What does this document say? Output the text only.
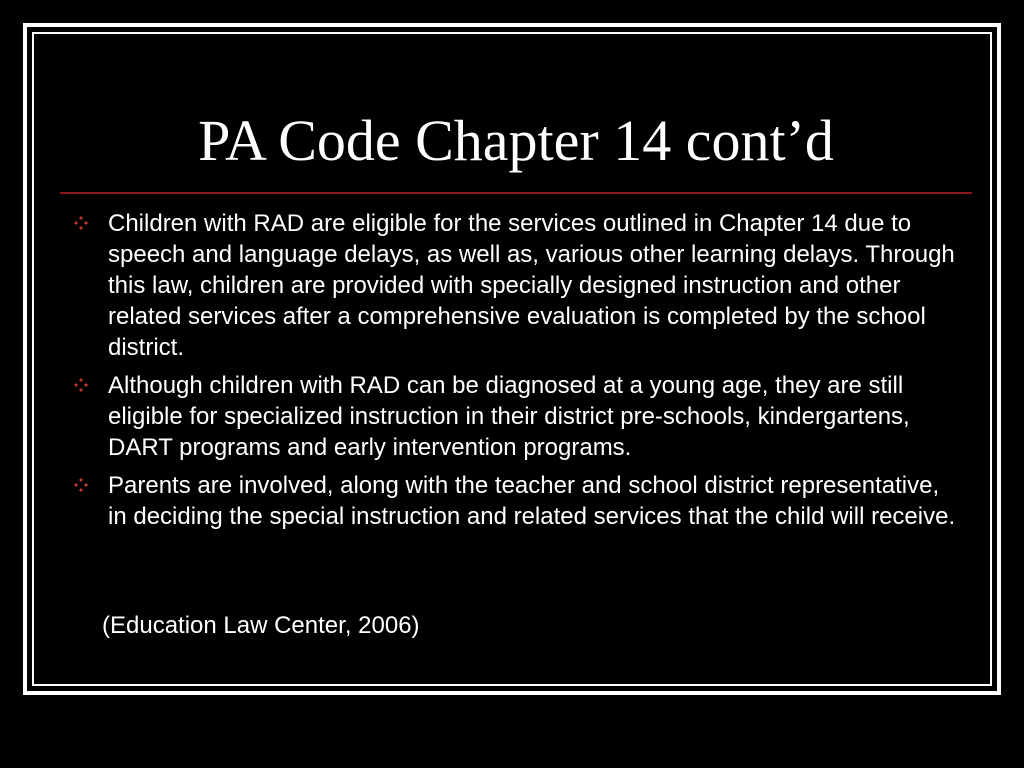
PA Code Chapter 14 cont’d
Children with RAD are eligible for the services outlined in Chapter 14 due to speech and language delays, as well as, various other learning delays. Through this law, children are provided with specially designed instruction and other related services after a comprehensive evaluation is completed by the school district.
Although children with RAD can be diagnosed at a young age, they are still eligible for specialized instruction in their district pre-schools, kindergartens, DART programs and early intervention programs.
Parents are involved, along with the teacher and school district representative, in deciding the special instruction and related services that the child will receive.

(Education Law Center, 2006)
